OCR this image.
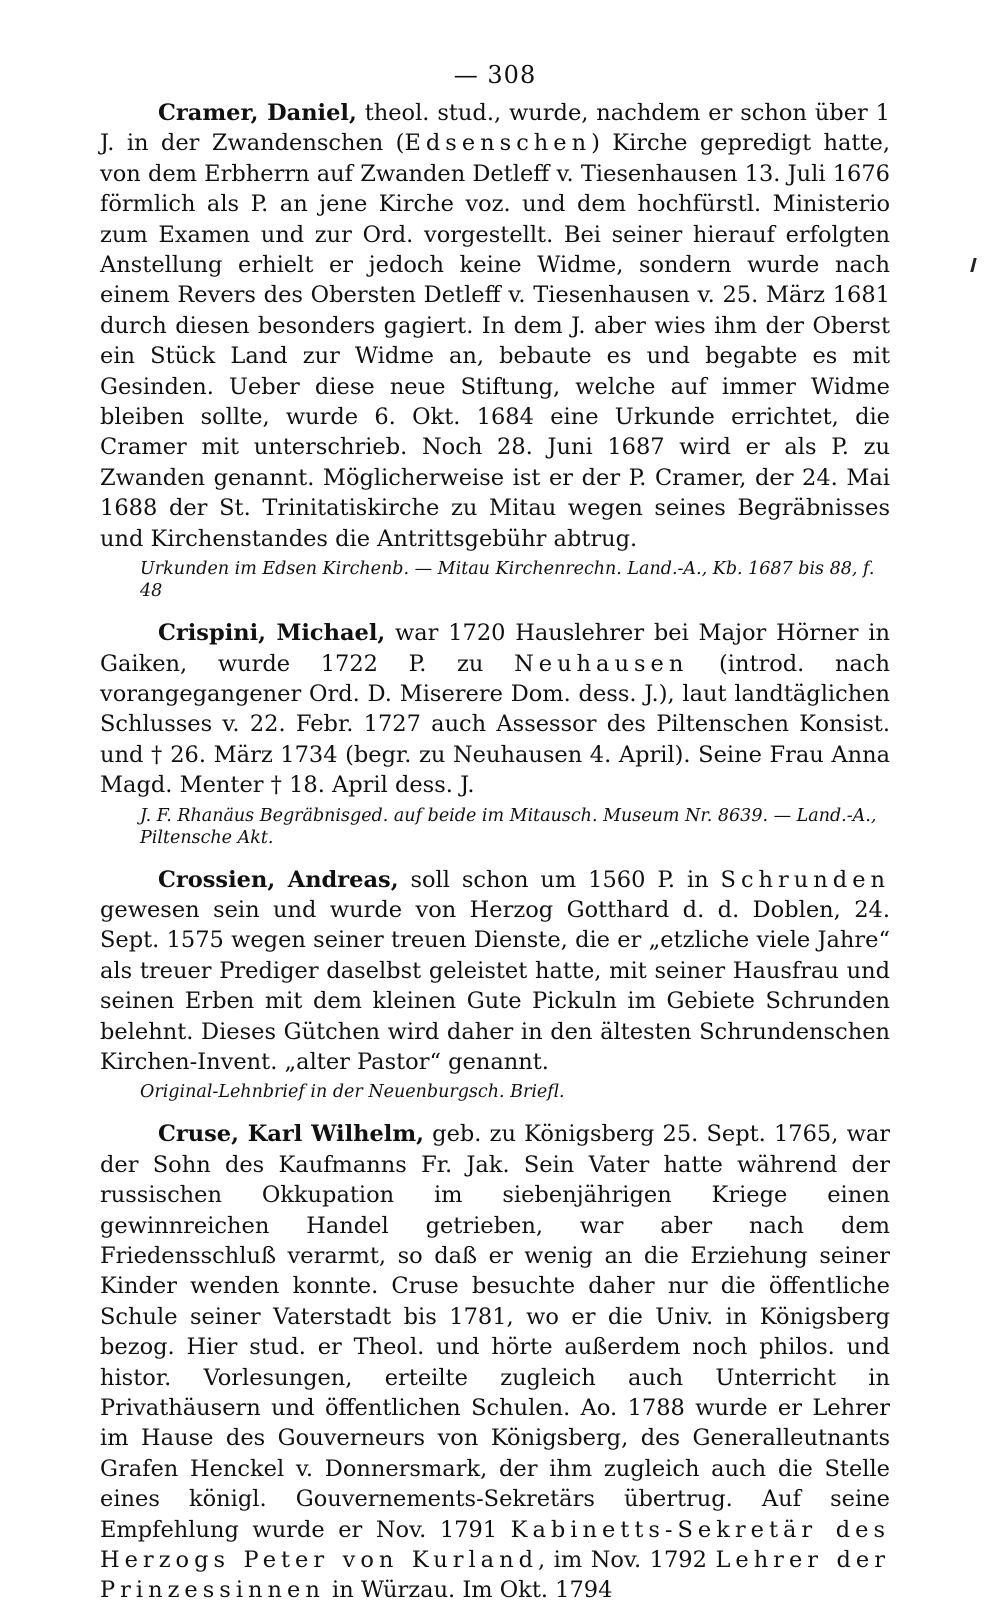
— 308

Cramer, Daniel, theol. stud., wurde, nachdem er schon über 1 J. in der Zwandenschen (Edsenschen) Kirche gepredigt hatte, von dem Erbherrn auf Zwanden Detleff v. Tiesenhausen 13. Juli 1676 förmlich als P. an jene Kirche voz. und dem hochfürstl. Ministerio zum Examen und zur Ord. vorgestellt. Bei seiner hierauf erfolgten Anstellung erhielt er jedoch keine Widme, sondern wurde nach einem Revers des Obersten Detleff v. Tiesenhausen v. 25. März 1681 durch diesen besonders gagiert. In dem J. aber wies ihm der Oberst ein Stück Land zur Widme an, bebaute es und begabte es mit Gesinden. Ueber diese neue Stiftung, welche auf immer Widme bleiben sollte, wurde 6. Okt. 1684 eine Urkunde errichtet, die Cramer mit unterschrieb. Noch 28. Juni 1687 wird er als P. zu Zwanden genannt. Möglicherweise ist er der P. Cramer, der 24. Mai 1688 der St. Trinitatiskirche zu Mitau wegen seines Begräbnisses und Kirchenstandes die Antrittsgebühr abtrug.

Urkunden im Edsen Kirchenb. — Mitau Kirchenrechn. Land.-A., Kb. 1687 bis 88, f. 48

Crispini, Michael, war 1720 Hauslehrer bei Major Hörner in Gaiken, wurde 1722 P. zu Neuhausen (introd. nach vorangegangener Ord. D. Miserere Dom. dess. J.), laut landtäglichen Schlusses v. 22. Febr. 1727 auch Assessor des Piltenschen Konsist. und † 26. März 1734 (begr. zu Neuhausen 4. April). Seine Frau Anna Magd. Menter † 18. April dess. J.

J. F. Rhanäus Begräbnisged. auf beide im Mitausch. Museum Nr. 8639. — Land.-A., Piltensche Akt.

Crossien, Andreas, soll schon um 1560 P. in Schrunden gewesen sein und wurde von Herzog Gotthard d. d. Doblen, 24. Sept. 1575 wegen seiner treuen Dienste, die er „etzliche viele Jahre“ als treuer Prediger daselbst geleistet hatte, mit seiner Hausfrau und seinen Erben mit dem kleinen Gute Pickuln im Gebiete Schrunden belehnt. Dieses Gütchen wird daher in den ältesten Schrundenschen Kirchen-Invent. „alter Pastor“ genannt.

Original-Lehnbrief in der Neuenburgsch. Briefl.

Cruse, Karl Wilhelm, geb. zu Königsberg 25. Sept. 1765, war der Sohn des Kaufmanns Fr. Jak. Sein Vater hatte während der russischen Okkupation im siebenjährigen Kriege einen gewinnreichen Handel getrieben, war aber nach dem Friedensschluß verarmt, so daß er wenig an die Erziehung seiner Kinder wenden konnte. Cruse besuchte daher nur die öffentliche Schule seiner Vaterstadt bis 1781, wo er die Univ. in Königsberg bezog. Hier stud. er Theol. und hörte außerdem noch philos. und histor. Vorlesungen, erteilte zugleich auch Unterricht in Privathäusern und öffentlichen Schulen. Ao. 1788 wurde er Lehrer im Hause des Gouverneurs von Königsberg, des Generalleutnants Grafen Henckel v. Donnersmark, der ihm zugleich auch die Stelle eines königl. Gouvernements-Sekretärs übertrug. Auf seine Empfehlung wurde er Nov. 1791 Kabinetts-Sekretär des Herzogs Peter von Kurland, im Nov. 1792 Lehrer der Prinzessinnen in Würzau. Im Okt. 1794
